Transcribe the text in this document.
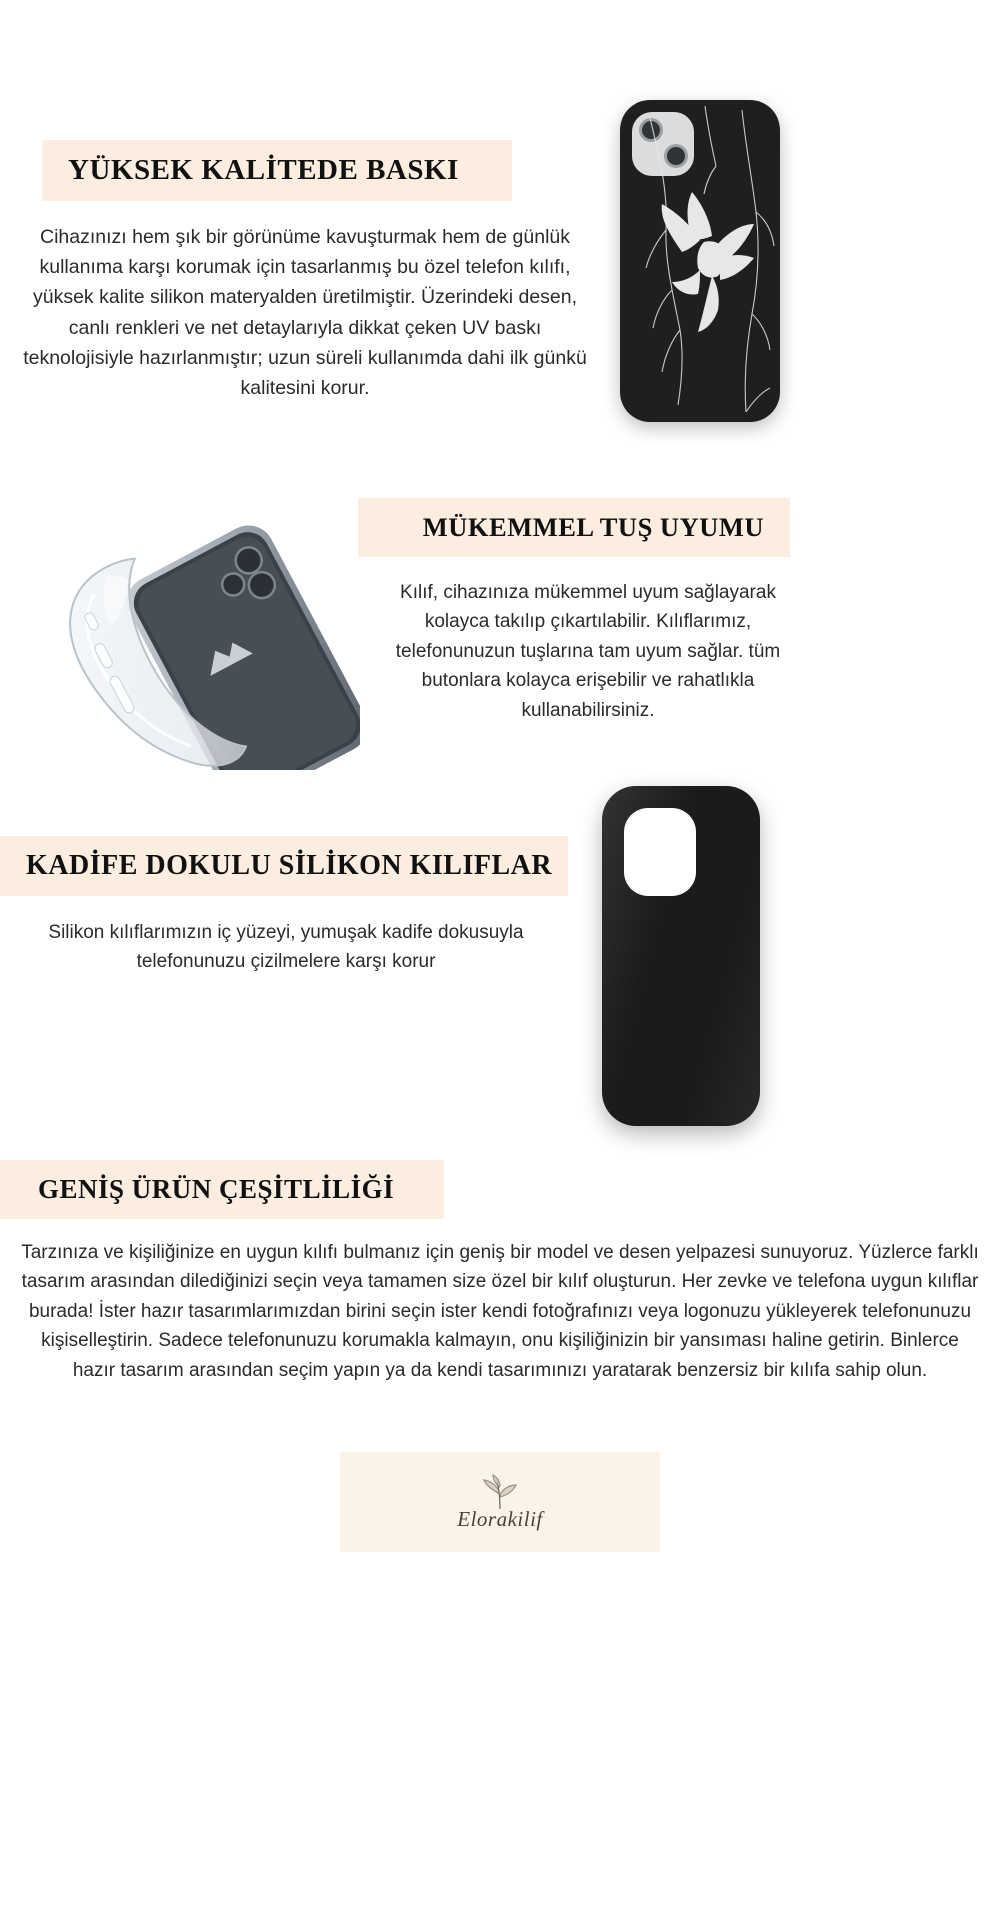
YÜKSEK KALİTEDE BASKI
Cihazınızı hem şık bir görünüme kavuşturmak hem de günlük kullanıma karşı korumak için tasarlanmış bu özel telefon kılıfı, yüksek kalite silikon materyalden üretilmiştir. Üzerindeki desen, canlı renkleri ve net detaylarıyla dikkat çeken UV baskı teknolojisiyle hazırlanmıştır; uzun süreli kullanımda dahi ilk günkü kalitesini korur.
MÜKEMMEL TUŞ UYUMU
Kılıf, cihazınıza mükemmel uyum sağlayarak kolayca takılıp çıkartılabilir. Kılıflarımız, telefonunuzun tuşlarına tam uyum sağlar. tüm butonlara kolayca erişebilir ve rahatlıkla kullanabilirsiniz.
KADİFE DOKULU SİLİKON KILIFLAR
Silikon kılıflarımızın iç yüzeyi, yumuşak kadife dokusuyla telefonunuzu çizilmelere karşı korur
GENİŞ ÜRÜN ÇEŞİTLİLİĞİ
Tarzınıza ve kişiliğinize en uygun kılıfı bulmanız için geniş bir model ve desen yelpazesi sunuyoruz. Yüzlerce farklı tasarım arasından dilediğinizi seçin veya tamamen size özel bir kılıf oluşturun. Her zevke ve telefona uygun kılıflar burada! İster hazır tasarımlarımızdan birini seçin ister kendi fotoğrafınızı veya logonuzu yükleyerek telefonunuzu kişiselleştirin. Sadece telefonunuzu korumakla kalmayın, onu kişiliğinizin bir yansıması haline getirin. Binlerce hazır tasarım arasından seçim yapın ya da kendi tasarımınızı yaratarak benzersiz bir kılıfa sahip olun.
Elorakilif
